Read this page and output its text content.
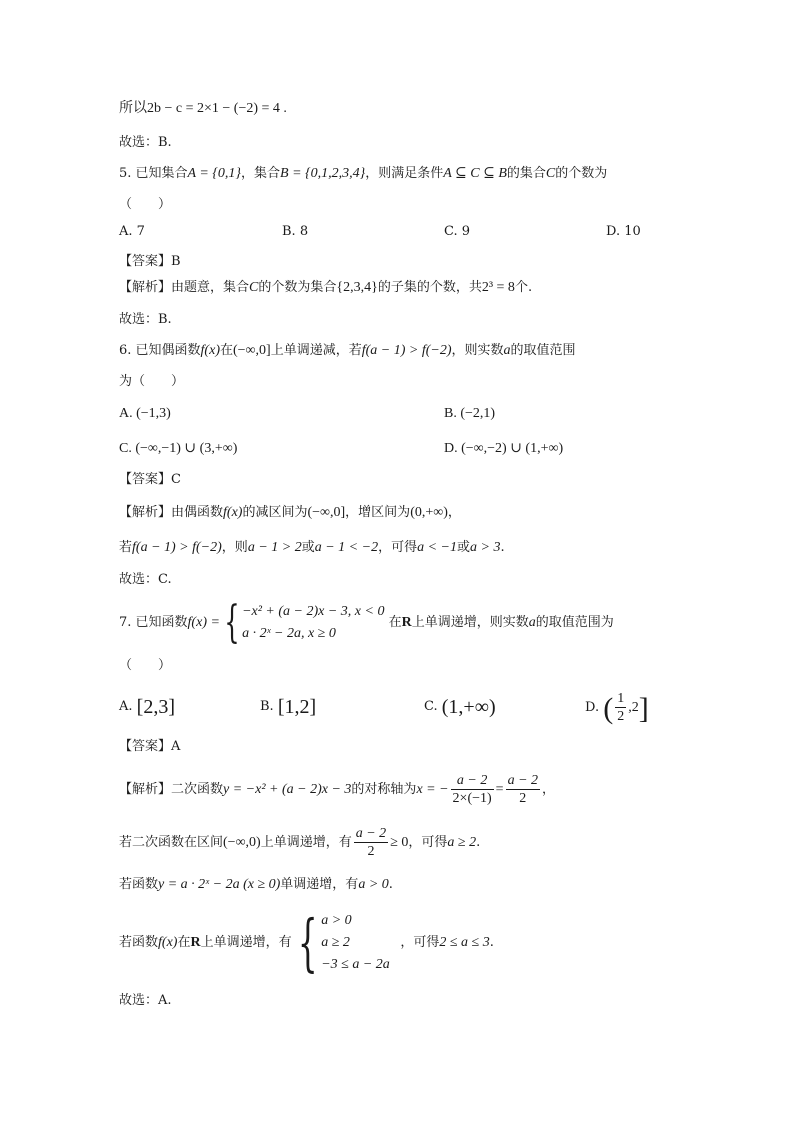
所以2b − c = 2×1 − (−2) = 4 .
故选：B.
5. 已知集合A = {0,1}，集合B = {0,1,2,3,4}，则满足条件A ⊆ C ⊆ B的集合C的个数为
（　　）
A. 7	B. 8	C. 9	D. 10
【答案】B
【解析】由题意，集合C的个数为集合{2,3,4}的子集的个数，共2³ = 8个.
故选：B.
6. 已知偶函数f(x)在(−∞,0]上单调递减，若f(a − 1) > f(−2)，则实数a的取值范围
为（　　）
A. (−1,3)	B. (−2,1)
C. (−∞,−1) ∪ (3,+∞)	D. (−∞,−2) ∪ (1,+∞)
【答案】C
【解析】由偶函数f(x)的减区间为(−∞,0]，增区间为(0,+∞)，
若f(a − 1) > f(−2)，则a − 1 > 2或a − 1 < −2，可得a < −1或a > 3.
故选：C.
7. 已知函数f(x) = { −x² + (a − 2)x − 3, x < 0
a · 2ˣ − 2a, x ≥ 0
在R上单调递增，则实数a的取值范围为
（　　）
A. [2,3]	B. [1,2]	C. (1,+∞)	D. ( $\frac{1}{2} ,2$]
【答案】A
【解析】二次函数y = −x² + (a − 2)x − 3的对称轴为x = − $\frac{a - 2}{2\times(-1)} = \frac{a - 2}{2}$ ，
若二次函数在区间(−∞,0)上单调递增，有 $\frac{a - 2}{2} \ge 0$，可得a ≥ 2.
若函数y = a · 2ˣ − 2a (x ≥ 0)单调递增，有a > 0.
若函数f(x)在R上单调递增，有 { a > 0
a ≥ 2
−3 ≤ a − 2a
，可得2 ≤ a ≤ 3.
故选：A.
